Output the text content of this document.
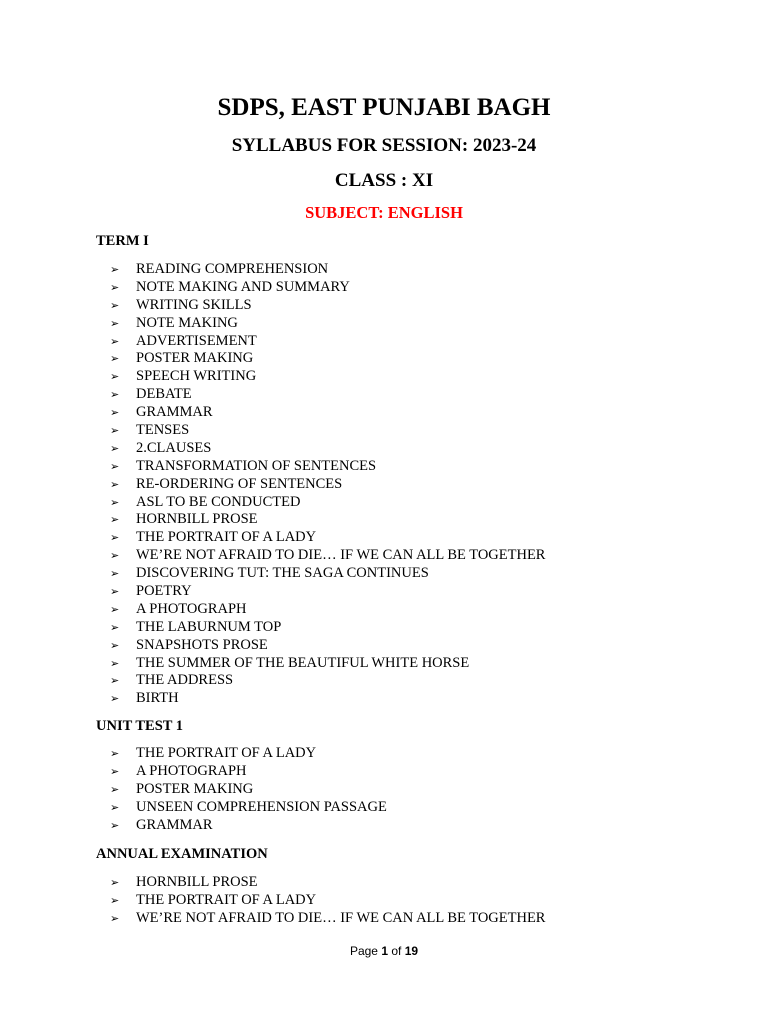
SDPS, EAST PUNJABI BAGH
SYLLABUS FOR SESSION: 2023-24
CLASS : XI
SUBJECT: ENGLISH
TERM I
➢ READING COMPREHENSION
➢ NOTE MAKING AND SUMMARY
➢ WRITING SKILLS
➢ NOTE MAKING
➢ ADVERTISEMENT
➢ POSTER MAKING
➢ SPEECH WRITING
➢ DEBATE
➢ GRAMMAR
➢ TENSES
➢ 2.CLAUSES
➢ TRANSFORMATION OF SENTENCES
➢ RE-ORDERING OF SENTENCES
➢ ASL TO BE CONDUCTED
➢ HORNBILL PROSE
➢ THE PORTRAIT OF A LADY
➢ WE’RE NOT AFRAID TO DIE… IF WE CAN ALL BE TOGETHER
➢ DISCOVERING TUT: THE SAGA CONTINUES
➢ POETRY
➢ A PHOTOGRAPH
➢ THE LABURNUM TOP
➢ SNAPSHOTS PROSE
➢ THE SUMMER OF THE BEAUTIFUL WHITE HORSE
➢ THE ADDRESS
➢ BIRTH
UNIT TEST 1
➢ THE PORTRAIT OF A LADY
➢ A PHOTOGRAPH
➢ POSTER MAKING
➢ UNSEEN COMPREHENSION PASSAGE
➢ GRAMMAR
ANNUAL EXAMINATION
➢ HORNBILL PROSE
➢ THE PORTRAIT OF A LADY
➢ WE’RE NOT AFRAID TO DIE… IF WE CAN ALL BE TOGETHER
Page 1 of 19
